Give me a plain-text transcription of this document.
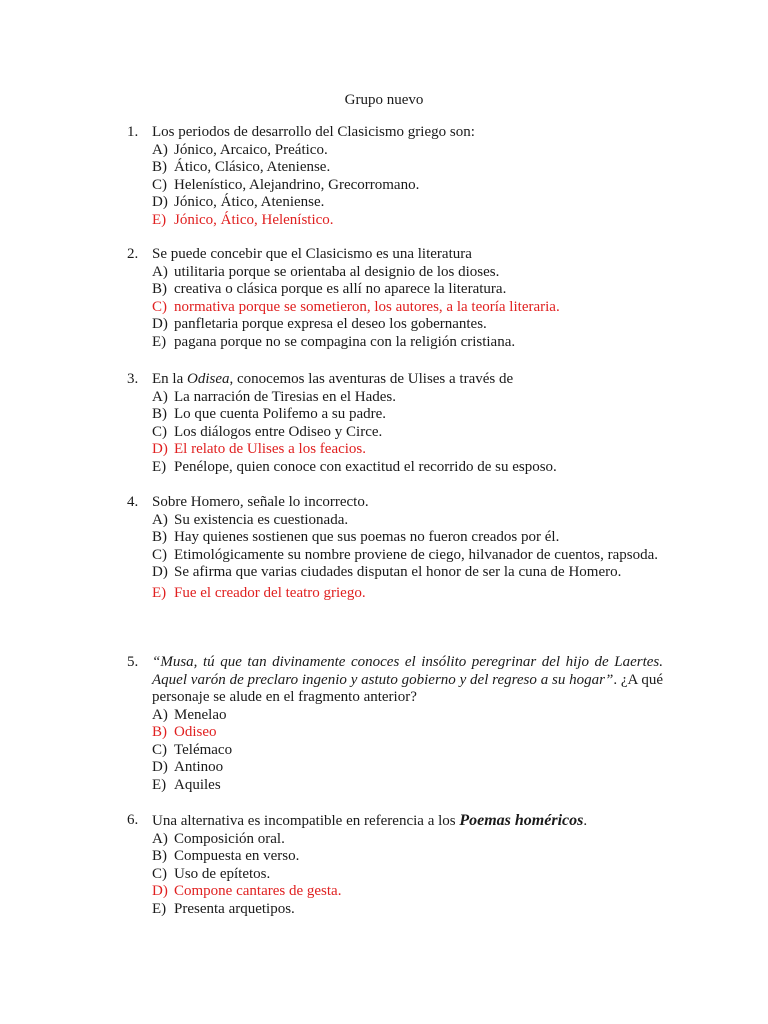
Grupo nuevo
1. Los periodos de desarrollo del Clasicismo griego son:
A) Jónico, Arcaico, Preático.
B) Ático, Clásico, Ateniense.
C) Helenístico, Alejandrino, Grecorromano.
D) Jónico, Ático, Ateniense.
E) Jónico, Ático, Helenístico.
2. Se puede concebir que el Clasicismo es una literatura
A) utilitaria porque se orientaba al designio de los dioses.
B) creativa o clásica porque es allí no aparece la literatura.
C) normativa porque se sometieron, los autores, a la teoría literaria.
D) panfletaria porque expresa el deseo los gobernantes.
E) pagana porque no se compagina con la religión cristiana.
3. En la Odisea, conocemos las aventuras de Ulises a través de
A) La narración de Tiresias en el Hades.
B) Lo que cuenta Polifemo a su padre.
C) Los diálogos entre Odiseo y Circe.
D) El relato de Ulises a los feacios.
E) Penélope, quien conoce con exactitud el recorrido de su esposo.
4. Sobre Homero, señale lo incorrecto.
A) Su existencia es cuestionada.
B) Hay quienes sostienen que sus poemas no fueron creados por él.
C) Etimológicamente su nombre proviene de ciego, hilvanador de cuentos, rapsoda.
D) Se afirma que varias ciudades disputan el honor de ser la cuna de Homero.
E) Fue el creador del teatro griego.
5. “Musa, tú que tan divinamente conoces el insólito peregrinar del hijo de Laertes. Aquel varón de preclaro ingenio y astuto gobierno y del regreso a su hogar”. ¿A qué personaje se alude en el fragmento anterior?
A) Menelao
B) Odiseo
C) Telémaco
D) Antinoo
E) Aquiles
6. Una alternativa es incompatible en referencia a los Poemas homéricos.
A) Composición oral.
B) Compuesta en verso.
C) Uso de epítetos.
D) Compone cantares de gesta.
E) Presenta arquetipos.
